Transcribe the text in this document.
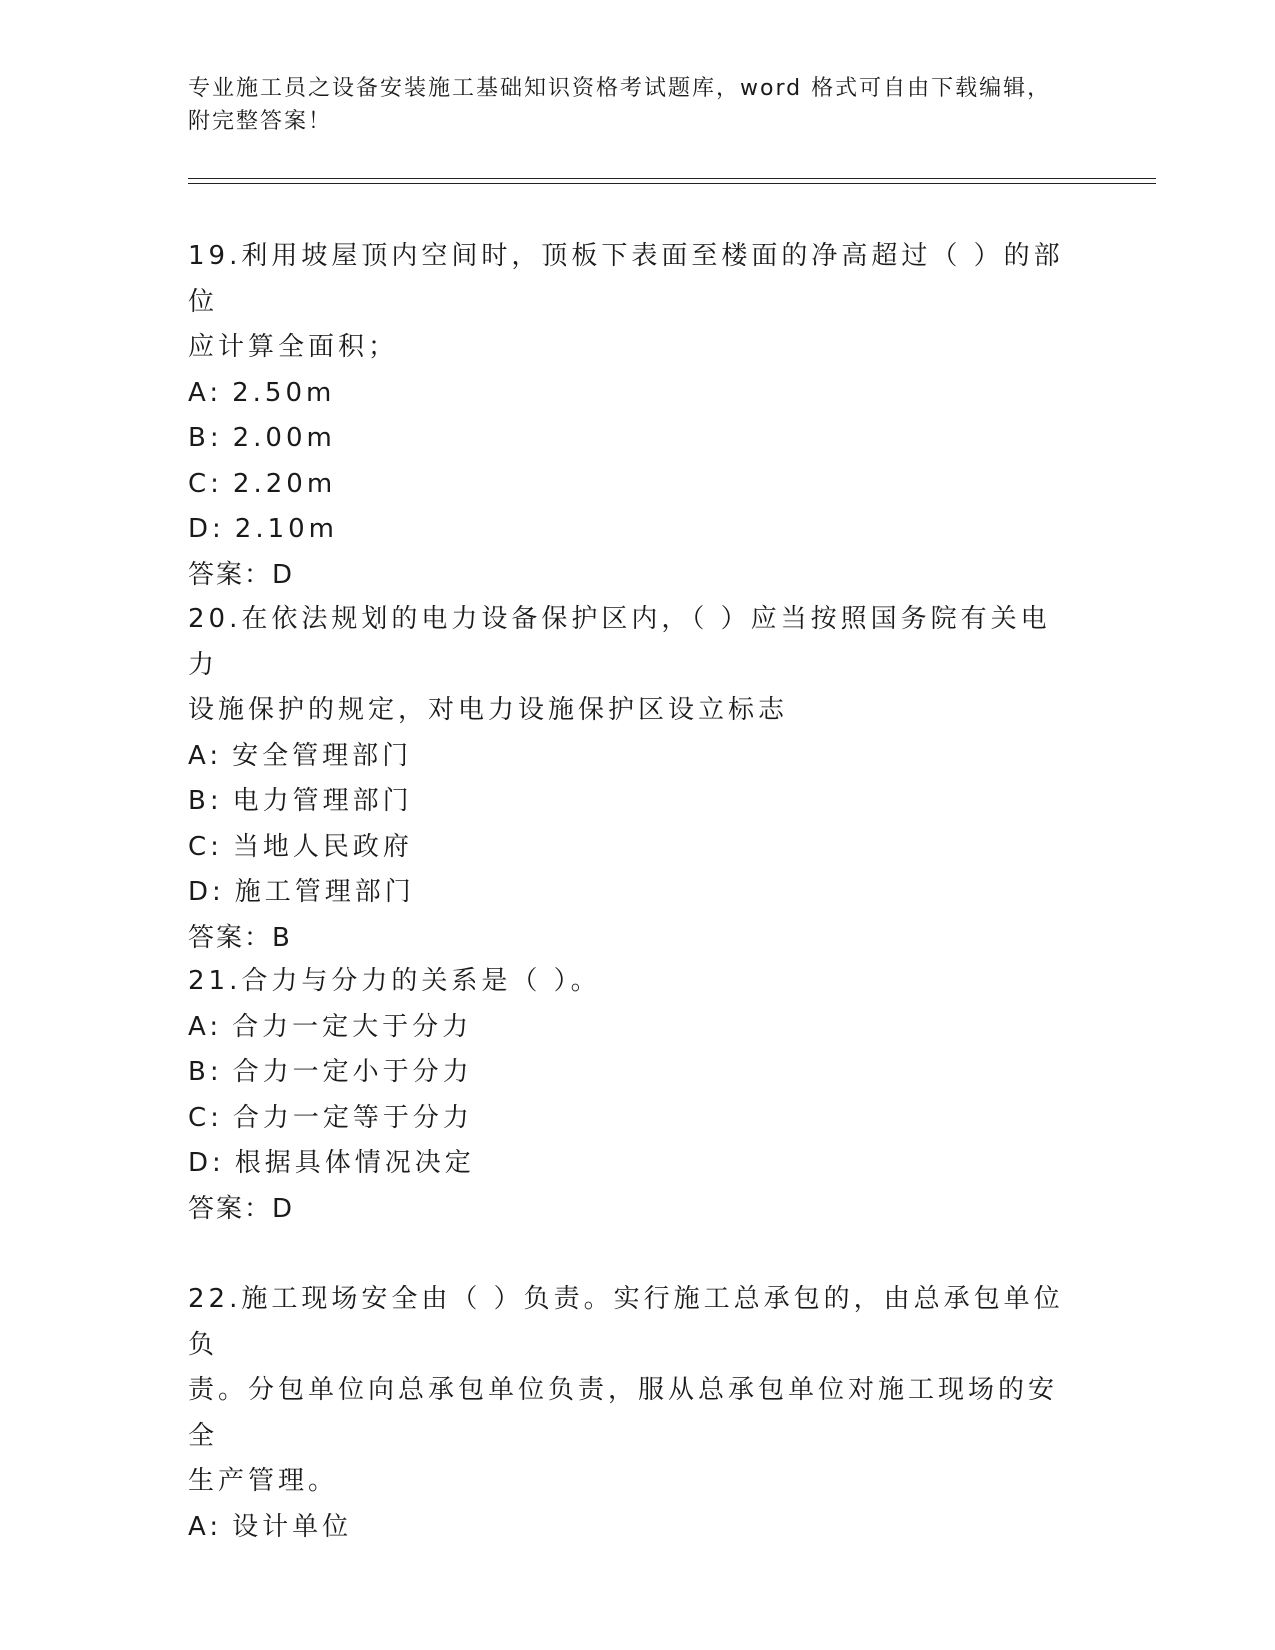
专业施工员之设备安装施工基础知识资格考试题库，word 格式可自由下载编辑，
附完整答案！
19.利用坡屋顶内空间时，顶板下表面至楼面的净高超过（ ）的部位
应计算全面积；
A: 2.50m
B: 2.00m
C: 2.20m
D: 2.10m
答案：D
20.在依法规划的电力设备保护区内，（ ）应当按照国务院有关电力
设施保护的规定，对电力设施保护区设立标志
A: 安全管理部门
B: 电力管理部门
C: 当地人民政府
D: 施工管理部门
答案：B
21.合力与分力的关系是（ ）。
A: 合力一定大于分力
B: 合力一定小于分力
C: 合力一定等于分力
D: 根据具体情况决定
答案：D
22.施工现场安全由（ ）负责。实行施工总承包的，由总承包单位负
责。分包单位向总承包单位负责，服从总承包单位对施工现场的安全
生产管理。
A: 设计单位
